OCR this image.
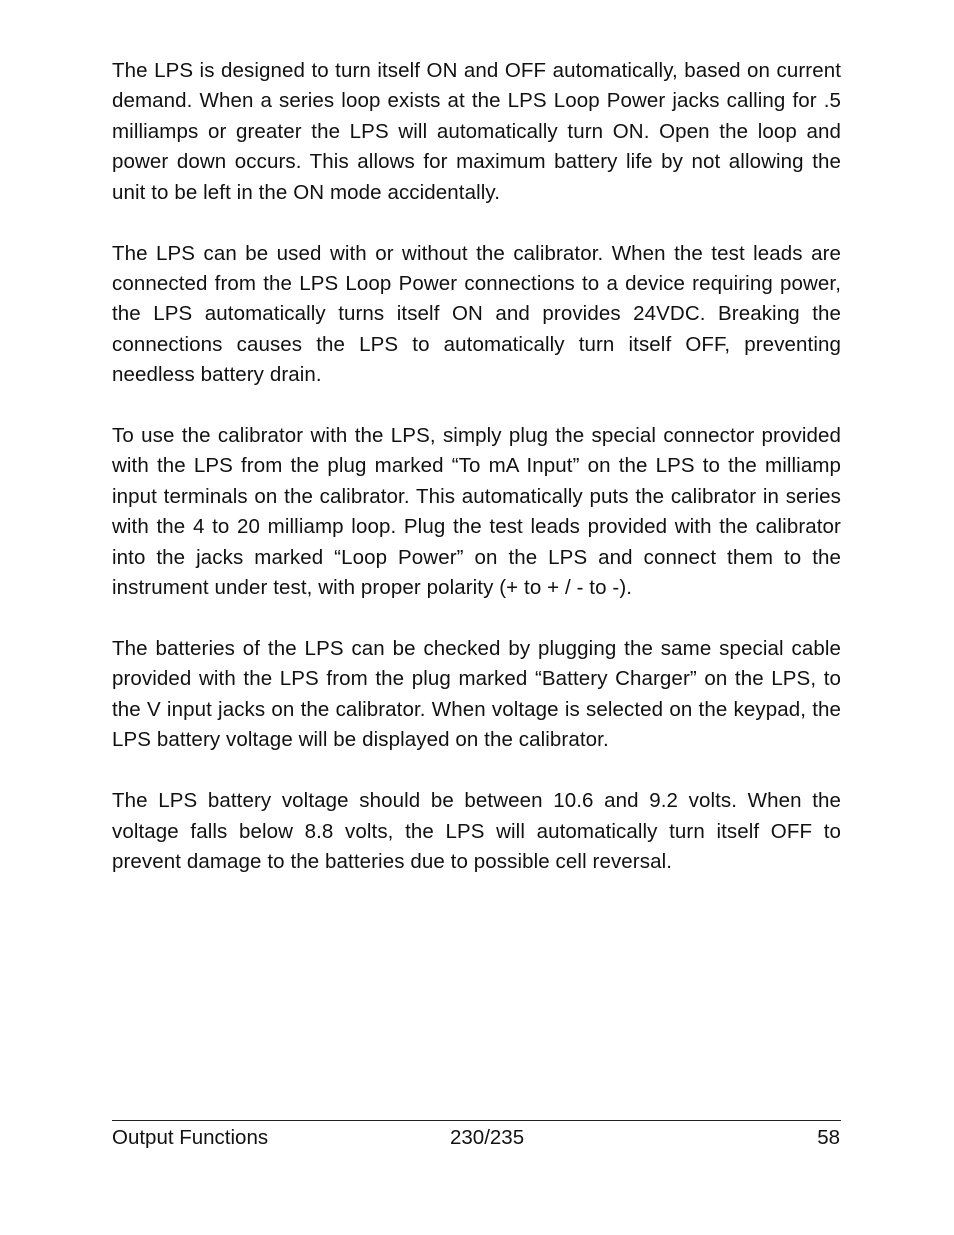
The LPS is designed to turn itself ON and OFF automatically, based on current demand. When a series loop exists at the LPS Loop Power jacks calling for .5 milliamps or greater the LPS will automatically turn ON. Open the loop and power down occurs. This allows for maximum battery life by not allowing the unit to be left in the ON mode accidentally.

The LPS can be used with or without the calibrator. When the test leads are connected from the LPS Loop Power connections to a device requiring power, the LPS automatically turns itself ON and provides 24VDC. Breaking the connections causes the LPS to automatically turn itself OFF, preventing needless battery drain.

To use the calibrator with the LPS, simply plug the special connector provided with the LPS from the plug marked “To mA Input” on the LPS to the milliamp input terminals on the calibrator. This automatically puts the calibrator in series with the 4 to 20 milliamp loop. Plug the test leads provided with the calibrator into the jacks marked “Loop Power” on the LPS and connect them to the instrument under test, with proper polarity (+ to + / - to -).

The batteries of the LPS can be checked by plugging the same special cable provided with the LPS from the plug marked “Battery Charger” on the LPS, to the V input jacks on the calibrator. When voltage is selected on the keypad, the LPS battery voltage will be displayed on the calibrator.

The LPS battery voltage should be between 10.6 and 9.2 volts. When the voltage falls below 8.8 volts, the LPS will automatically turn itself OFF to prevent damage to the batteries due to possible cell reversal.

Output Functions	230/235	58
